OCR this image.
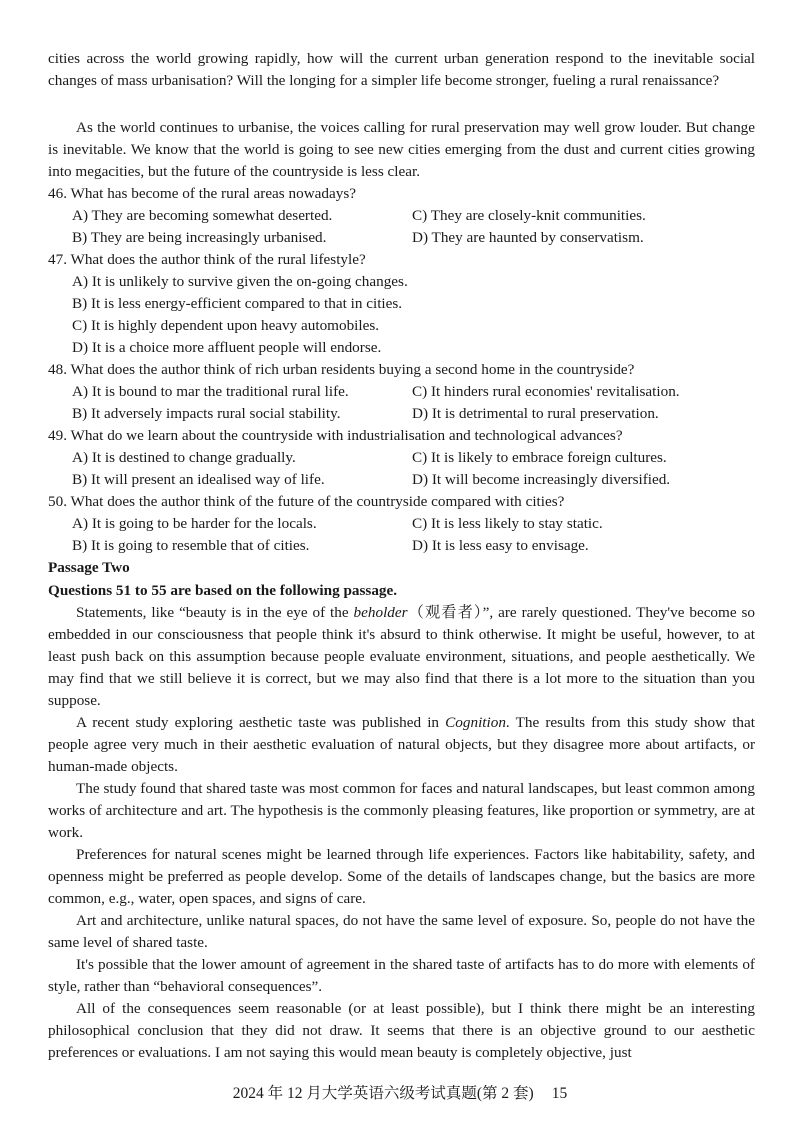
cities across the world growing rapidly, how will the current urban generation respond to the inevitable social changes of mass urbanisation? Will the longing for a simpler life become stronger, fueling a rural renaissance?

As the world continues to urbanise, the voices calling for rural preservation may well grow louder. But change is inevitable. We know that the world is going to see new cities emerging from the dust and current cities growing into megacities, but the future of the countryside is less clear.

46. What has become of the rural areas nowadays?

A) They are becoming somewhat deserted.	C) They are closely-knit communities.

B) They are being increasingly urbanised.	D) They are haunted by conservatism.

47. What does the author think of the rural lifestyle?

A) It is unlikely to survive given the on-going changes.

B) It is less energy-efficient compared to that in cities.

C) It is highly dependent upon heavy automobiles.

D) It is a choice more affluent people will endorse.

48. What does the author think of rich urban residents buying a second home in the countryside?

A) It is bound to mar the traditional rural life.	C) It hinders rural economies' revitalisation.

B) It adversely impacts rural social stability.	D) It is detrimental to rural preservation.

49. What do we learn about the countryside with industrialisation and technological advances?

A) It is destined to change gradually.	C) It is likely to embrace foreign cultures.

B) It will present an idealised way of life.	D) It will become increasingly diversified.

50. What does the author think of the future of the countryside compared with cities?

A) It is going to be harder for the locals.	C) It is less likely to stay static.

B) It is going to resemble that of cities.	D) It is less easy to envisage.

Passage Two

Questions 51 to 55 are based on the following passage.

Statements, like “beauty is in the eye of the beholder（观看者）”, are rarely questioned. They've become so embedded in our consciousness that people think it's absurd to think otherwise. It might be useful, however, to at least push back on this assumption because people evaluate environment, situations, and people aesthetically. We may find that we still believe it is correct, but we may also find that there is a lot more to the situation than you suppose.

A recent study exploring aesthetic taste was published in Cognition. The results from this study show that people agree very much in their aesthetic evaluation of natural objects, but they disagree more about artifacts, or human-made objects.

The study found that shared taste was most common for faces and natural landscapes, but least common among works of architecture and art. The hypothesis is the commonly pleasing features, like proportion or symmetry, are at work.

Preferences for natural scenes might be learned through life experiences. Factors like habitability, safety, and openness might be preferred as people develop. Some of the details of landscapes change, but the basics are more common, e.g., water, open spaces, and signs of care.

Art and architecture, unlike natural spaces, do not have the same level of exposure. So, people do not have the same level of shared taste.

It's possible that the lower amount of agreement in the shared taste of artifacts has to do more with elements of style, rather than “behavioral consequences”.

All of the consequences seem reasonable (or at least possible), but I think there might be an interesting philosophical conclusion that they did not draw. It seems that there is an objective ground to our aesthetic preferences or evaluations. I am not saying this would mean beauty is completely objective, just

2024 年 12 月大学英语六级考试真题(第 2 套) 15
